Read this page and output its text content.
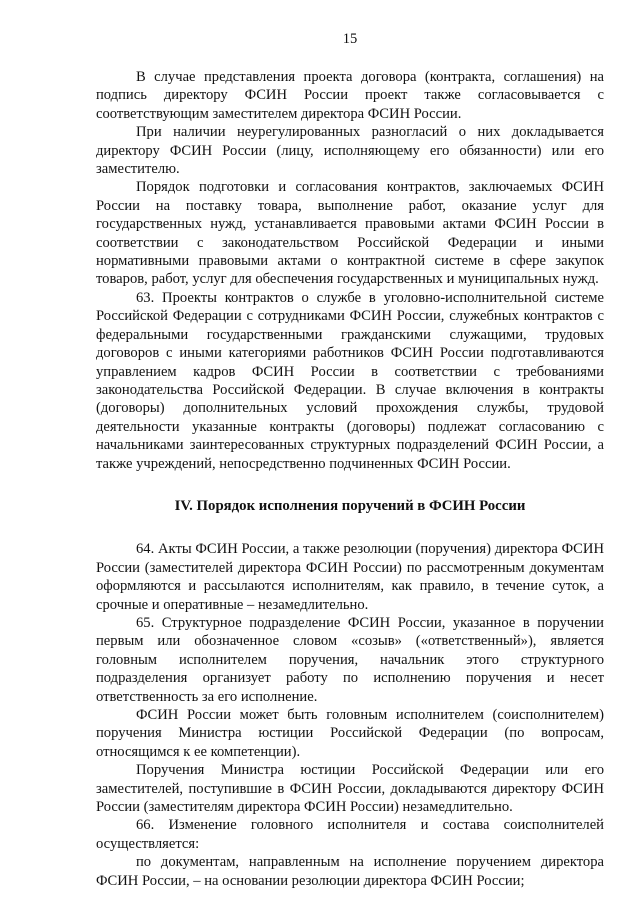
15

В случае представления проекта договора (контракта, соглашения) на подпись директору ФСИН России проект также согласовывается с соответствующим заместителем директора ФСИН России.

При наличии неурегулированных разногласий о них докладывается директору ФСИН России (лицу, исполняющему его обязанности) или его заместителю.

Порядок подготовки и согласования контрактов, заключаемых ФСИН России на поставку товара, выполнение работ, оказание услуг для государственных нужд, устанавливается правовыми актами ФСИН России в соответствии с законодательством Российской Федерации и иными нормативными правовыми актами о контрактной системе в сфере закупок товаров, работ, услуг для обеспечения государственных и муниципальных нужд.

63. Проекты контрактов о службе в уголовно-исполнительной системе Российской Федерации с сотрудниками ФСИН России, служебных контрактов с федеральными государственными гражданскими служащими, трудовых договоров с иными категориями работников ФСИН России подготавливаются управлением кадров ФСИН России в соответствии с требованиями законодательства Российской Федерации. В случае включения в контракты (договоры) дополнительных условий прохождения службы, трудовой деятельности указанные контракты (договоры) подлежат согласованию с начальниками заинтересованных структурных подразделений ФСИН России, а также учреждений, непосредственно подчиненных ФСИН России.

IV. Порядок исполнения поручений в ФСИН России

64. Акты ФСИН России, а также резолюции (поручения) директора ФСИН России (заместителей директора ФСИН России) по рассмотренным документам оформляются и рассылаются исполнителям, как правило, в течение суток, а срочные и оперативные – незамедлительно.

65. Структурное подразделение ФСИН России, указанное в поручении первым или обозначенное словом «созыв» («ответственный»), является головным исполнителем поручения, начальник этого структурного подразделения организует работу по исполнению поручения и несет ответственность за его исполнение.

ФСИН России может быть головным исполнителем (соисполнителем) поручения Министра юстиции Российской Федерации (по вопросам, относящимся к ее компетенции).

Поручения Министра юстиции Российской Федерации или его заместителей, поступившие в ФСИН России, докладываются директору ФСИН России (заместителям директора ФСИН России) незамедлительно.

66. Изменение головного исполнителя и состава соисполнителей осуществляется:

по документам, направленным на исполнение поручением директора ФСИН России, – на основании резолюции директора ФСИН России;
